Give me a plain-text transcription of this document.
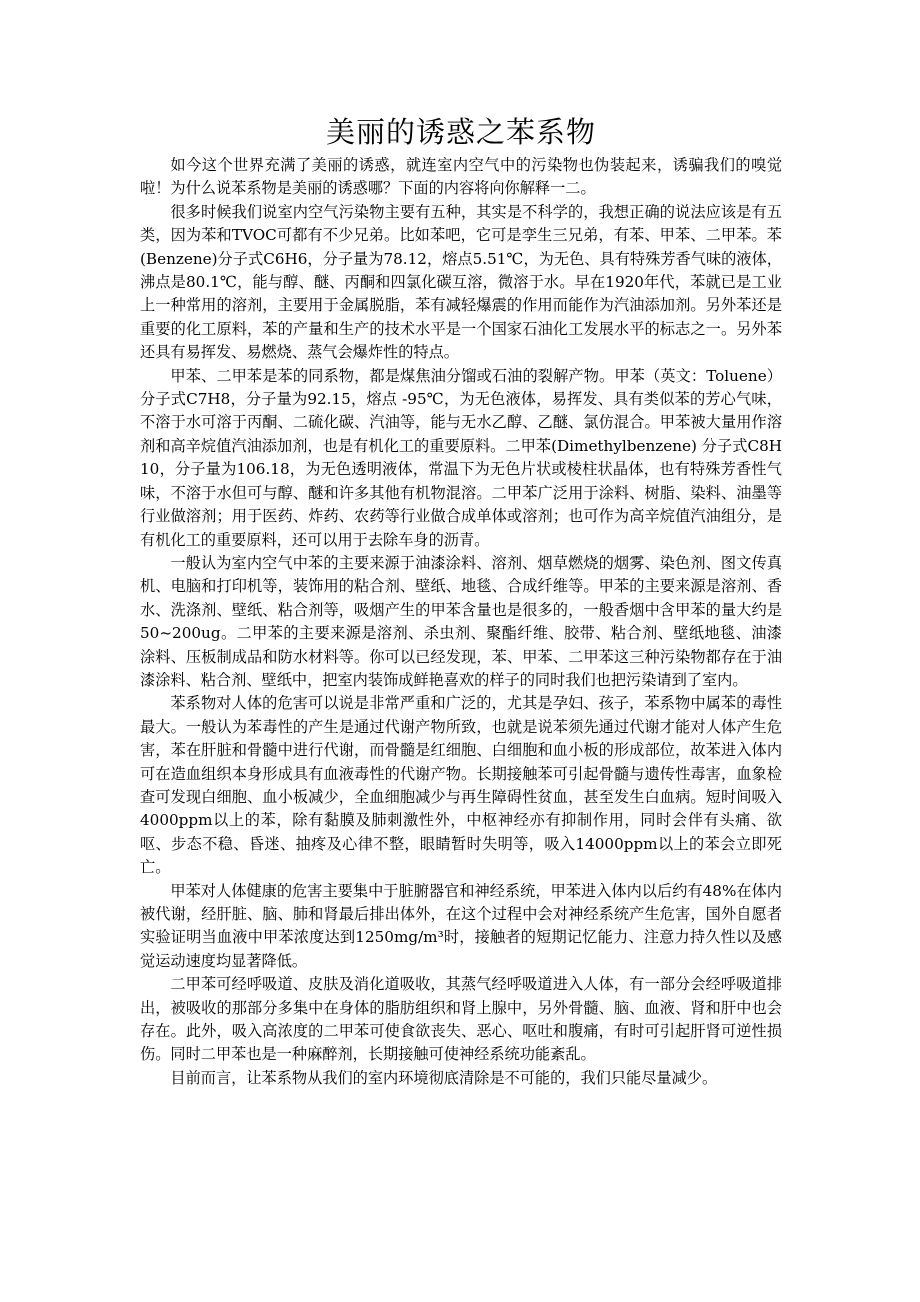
美丽的诱惑之苯系物

如今这个世界充满了美丽的诱惑，就连室内空气中的污染物也伪装起来，诱骗我们的嗅觉啦！为什么说苯系物是美丽的诱惑哪？下面的内容将向你解释一二。

很多时候我们说室内空气污染物主要有五种，其实是不科学的，我想正确的说法应该是有五类，因为苯和TVOC可都有不少兄弟。比如苯吧，它可是孪生三兄弟，有苯、甲苯、二甲苯。苯(Benzene)分子式C6H6，分子量为78.12，熔点5.51℃，为无色、具有特殊芳香气味的液体，沸点是80.1℃，能与醇、醚、丙酮和四氯化碳互溶，微溶于水。早在1920年代，苯就已是工业上一种常用的溶剂，主要用于金属脱脂，苯有减轻爆震的作用而能作为汽油添加剂。另外苯还是重要的化工原料，苯的产量和生产的技术水平是一个国家石油化工发展水平的标志之一。另外苯还具有易挥发、易燃烧、蒸气会爆炸性的特点。

甲苯、二甲苯是苯的同系物，都是煤焦油分馏或石油的裂解产物。甲苯（英文：Toluene）分子式C7H8，分子量为92.15，熔点 -95℃，为无色液体，易挥发、具有类似苯的芳心气味，不溶于水可溶于丙酮、二硫化碳、汽油等，能与无水乙醇、乙醚、氯仿混合。甲苯被大量用作溶剂和高辛烷值汽油添加剂，也是有机化工的重要原料。二甲苯(Dimethylbenzene) 分子式C8H10，分子量为106.18，为无色透明液体，常温下为无色片状或棱柱状晶体，也有特殊芳香性气味，不溶于水但可与醇、醚和许多其他有机物混溶。二甲苯广泛用于涂料、树脂、染料、油墨等行业做溶剂；用于医药、炸药、农药等行业做合成单体或溶剂；也可作为高辛烷值汽油组分，是有机化工的重要原料，还可以用于去除车身的沥青。

一般认为室内空气中苯的主要来源于油漆涂料、溶剂、烟草燃烧的烟雾、染色剂、图文传真机、电脑和打印机等，装饰用的粘合剂、壁纸、地毯、合成纤维等。甲苯的主要来源是溶剂、香水、洗涤剂、壁纸、粘合剂等，吸烟产生的甲苯含量也是很多的，一般香烟中含甲苯的量大约是50~200ug。二甲苯的主要来源是溶剂、杀虫剂、聚酯纤维、胶带、粘合剂、壁纸地毯、油漆涂料、压板制成品和防水材料等。你可以已经发现，苯、甲苯、二甲苯这三种污染物都存在于油漆涂料、粘合剂、壁纸中，把室内装饰成鲜艳喜欢的样子的同时我们也把污染请到了室内。

苯系物对人体的危害可以说是非常严重和广泛的，尤其是孕妇、孩子，苯系物中属苯的毒性最大。一般认为苯毒性的产生是通过代谢产物所致，也就是说苯须先通过代谢才能对人体产生危害，苯在肝脏和骨髓中进行代谢，而骨髓是红细胞、白细胞和血小板的形成部位，故苯进入体内可在造血组织本身形成具有血液毒性的代谢产物。长期接触苯可引起骨髓与遗传性毒害，血象检查可发现白细胞、血小板减少，全血细胞减少与再生障碍性贫血，甚至发生白血病。短时间吸入4000ppm以上的苯，除有黏膜及肺刺激性外，中枢神经亦有抑制作用，同时会伴有头痛、欲呕、步态不稳、昏迷、抽疼及心律不整，眼睛暂时失明等，吸入14000ppm以上的苯会立即死亡。

甲苯对人体健康的危害主要集中于脏腑器官和神经系统，甲苯进入体内以后约有48%在体内被代谢，经肝脏、脑、肺和肾最后排出体外，在这个过程中会对神经系统产生危害，国外自愿者实验证明当血液中甲苯浓度达到1250mg/m³时，接触者的短期记忆能力、注意力持久性以及感觉运动速度均显著降低。

二甲苯可经呼吸道、皮肤及消化道吸收，其蒸气经呼吸道进入人体，有一部分会经呼吸道排出，被吸收的那部分多集中在身体的脂肪组织和肾上腺中，另外骨髓、脑、血液、肾和肝中也会存在。此外，吸入高浓度的二甲苯可使食欲丧失、恶心、呕吐和腹痛，有时可引起肝肾可逆性损伤。同时二甲苯也是一种麻醉剂，长期接触可使神经系统功能紊乱。

目前而言，让苯系物从我们的室内环境彻底清除是不可能的，我们只能尽量减少。
